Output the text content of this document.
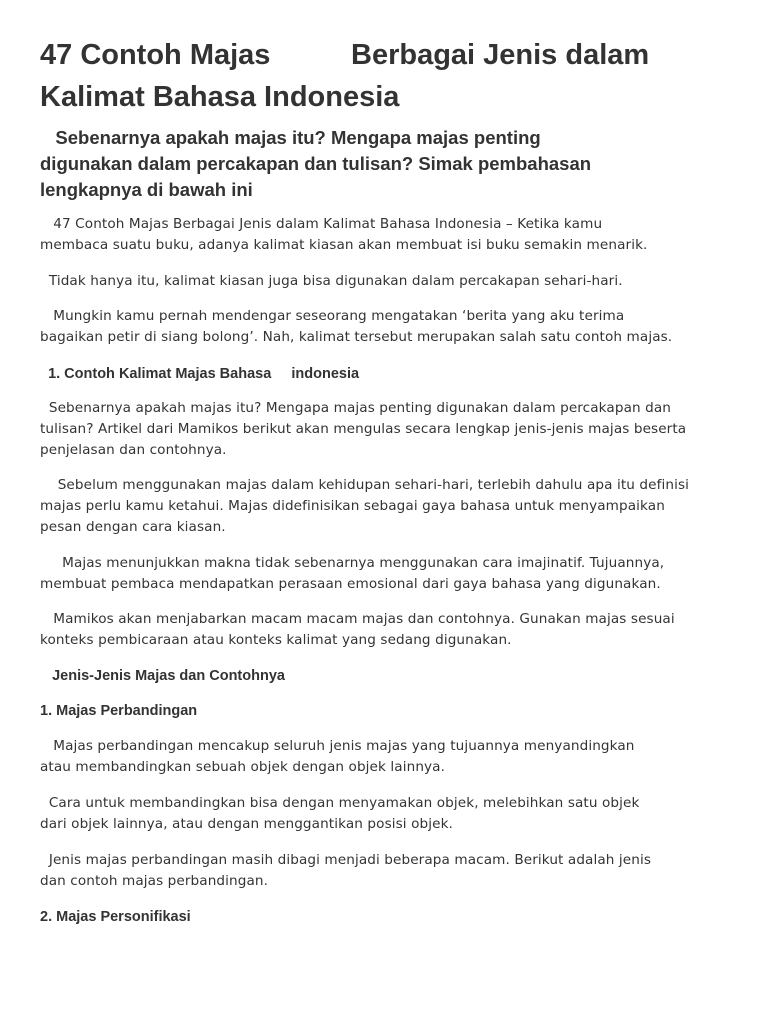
47 Contoh Majas          Berbagai Jenis dalam
Kalimat Bahasa Indonesia

Sebenarnya apakah majas itu? Mengapa majas penting
digunakan dalam percakapan dan tulisan? Simak pembahasan
lengkapnya di bawah ini

47 Contoh Majas Berbagai Jenis dalam Kalimat Bahasa Indonesia – Ketika kamu
membaca suatu buku, adanya kalimat kiasan akan membuat isi buku semakin menarik.

Tidak hanya itu, kalimat kiasan juga bisa digunakan dalam percakapan sehari-hari.

Mungkin kamu pernah mendengar seseorang mengatakan ‘berita yang aku terima
bagaikan petir di siang bolong’. Nah, kalimat tersebut merupakan salah satu contoh majas.

1. Contoh Kalimat Majas Bahasa     indonesia

Sebenarnya apakah majas itu? Mengapa majas penting digunakan dalam percakapan dan
tulisan? Artikel dari Mamikos berikut akan mengulas secara lengkap jenis-jenis majas beserta
penjelasan dan contohnya.

Sebelum menggunakan majas dalam kehidupan sehari-hari, terlebih dahulu apa itu definisi
majas perlu kamu ketahui. Majas didefinisikan sebagai gaya bahasa untuk menyampaikan
pesan dengan cara kiasan.

Majas menunjukkan makna tidak sebenarnya menggunakan cara imajinatif. Tujuannya,
membuat pembaca mendapatkan perasaan emosional dari gaya bahasa yang digunakan.

Mamikos akan menjabarkan macam macam majas dan contohnya. Gunakan majas sesuai
konteks pembicaraan atau konteks kalimat yang sedang digunakan.

Jenis-Jenis Majas dan Contohnya
1. Majas Perbandingan

Majas perbandingan mencakup seluruh jenis majas yang tujuannya menyandingkan
atau membandingkan sebuah objek dengan objek lainnya.

Cara untuk membandingkan bisa dengan menyamakan objek, melebihkan satu objek
dari objek lainnya, atau dengan menggantikan posisi objek.

Jenis majas perbandingan masih dibagi menjadi beberapa macam. Berikut adalah jenis
dan contoh majas perbandingan.

2. Majas Personifikasi
